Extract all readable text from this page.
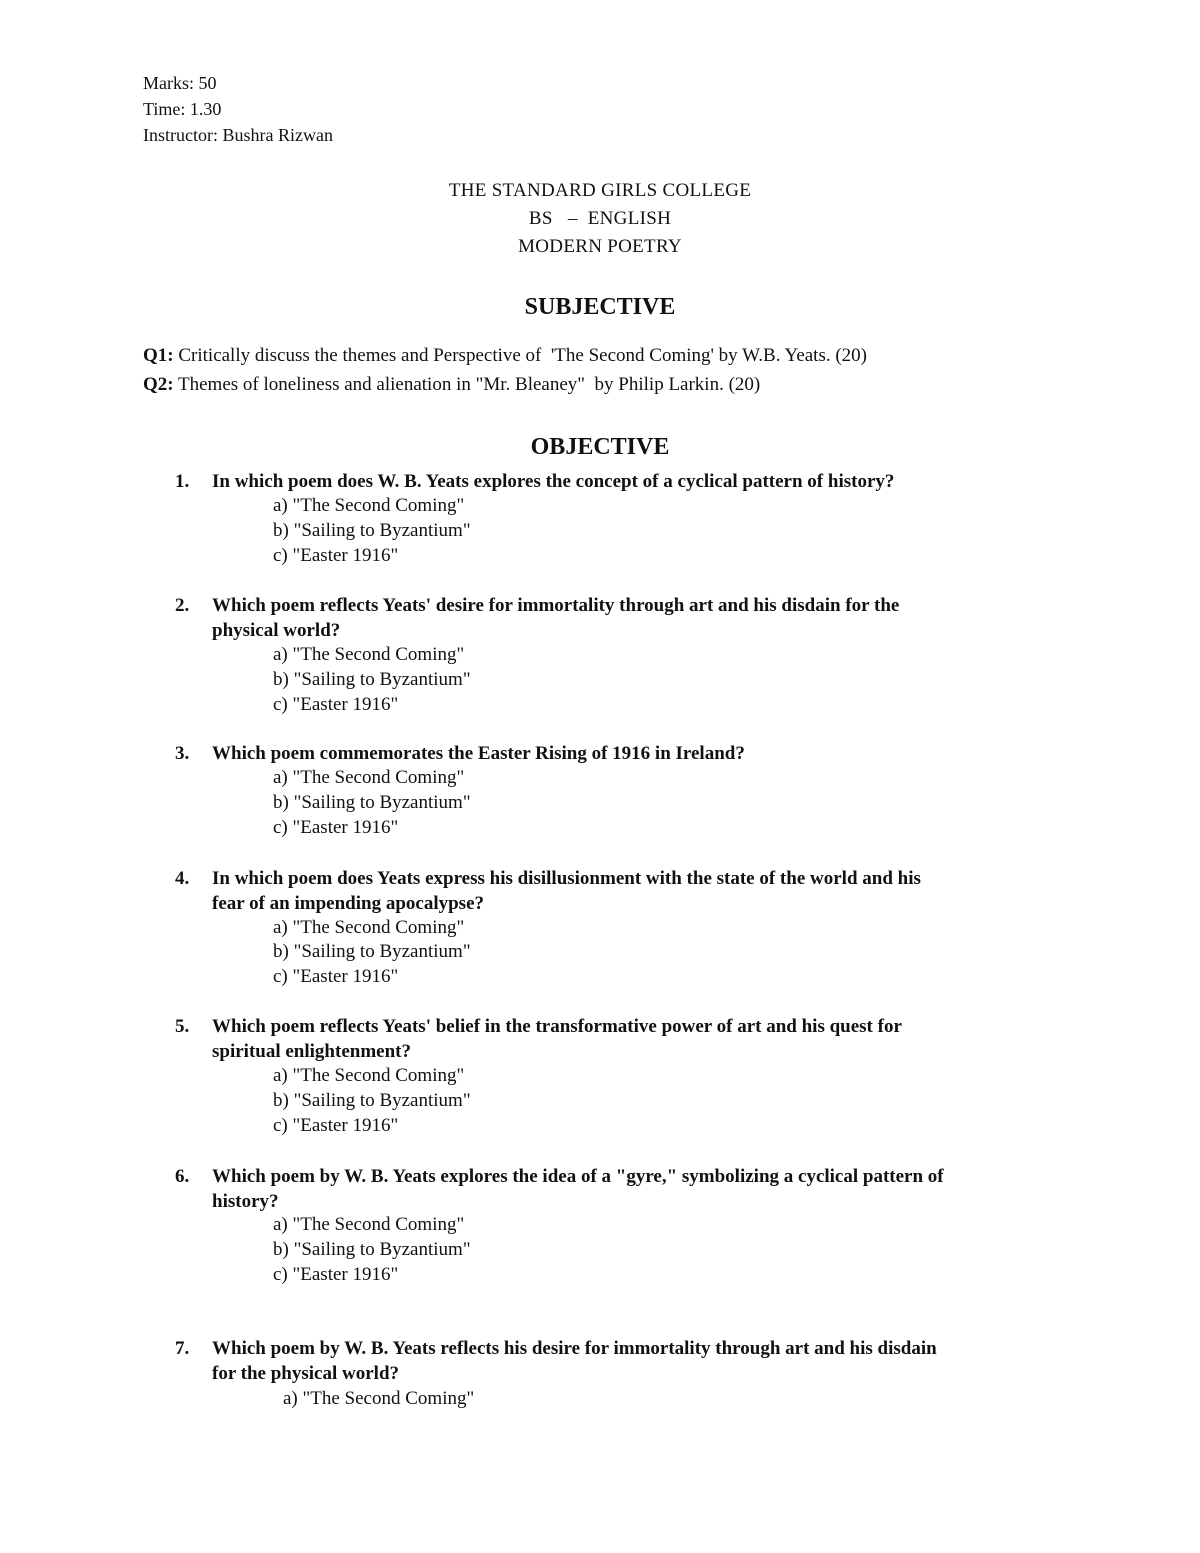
Marks: 50
Time: 1.30
Instructor: Bushra Rizwan
THE STANDARD GIRLS COLLEGE
BS   –  ENGLISH
MODERN POETRY
SUBJECTIVE
Q1: Critically discuss the themes and Perspective of  'The Second Coming' by W.B. Yeats. (20)
Q2: Themes of loneliness and alienation in "Mr. Bleaney"  by Philip Larkin. (20)
OBJECTIVE
1.	In which poem does W. B. Yeats explores the concept of a cyclical pattern of history?
a) "The Second Coming"
b) "Sailing to Byzantium"
c) "Easter 1916"
2.	Which poem reflects Yeats' desire for immortality through art and his disdain for the
physical world?
a) "The Second Coming"
b) "Sailing to Byzantium"
c) "Easter 1916"
3.	Which poem commemorates the Easter Rising of 1916 in Ireland?
a) "The Second Coming"
b) "Sailing to Byzantium"
c) "Easter 1916"
4.	In which poem does Yeats express his disillusionment with the state of the world and his
fear of an impending apocalypse?
a) "The Second Coming"
b) "Sailing to Byzantium"
c) "Easter 1916"
5.	Which poem reflects Yeats' belief in the transformative power of art and his quest for
spiritual enlightenment?
a) "The Second Coming"
b) "Sailing to Byzantium"
c) "Easter 1916"
6.	Which poem by W. B. Yeats explores the idea of a "gyre," symbolizing a cyclical pattern of
history?
a) "The Second Coming"
b) "Sailing to Byzantium"
c) "Easter 1916"
7.	Which poem by W. B. Yeats reflects his desire for immortality through art and his disdain
for the physical world?
a) "The Second Coming"
